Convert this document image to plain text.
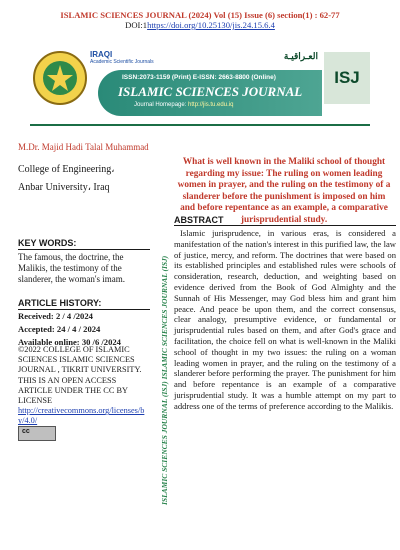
ISLAMIC SCIENCES JOURNAL (2024) Vol (15) Issue (6) section(1) : 62-77
DOI:1https://doi.org/10.25130/jis.24.15.6.4
IRAQI
Academic Scientific Journals
العـراقيـة
ISSN:2073-1159 (Print) E-ISSN: 2663-8800 (Online)
ISLAMIC SCIENCES JOURNAL
Journal Homepage: http://jis.tu.edu.iq
ISJ
M.Dr. Majid Hadi Talal Muhammad
College of Engineering،
Anbar University، Iraq
KEY WORDS:

The famous, the doctrine, the Malikis, the testimony of the slanderer, the woman's imam.

ARTICLE HISTORY:
Received: 2 / 4 /2024
Accepted: 24 / 4 / 2024
Available online: 30 /6 /2024
©2022 COLLEGE OF ISLAMIC SCIENCES ISLAMIC SCIENCES JOURNAL , TIKRIT UNIVERSITY. THIS IS AN OPEN ACCESS ARTICLE UNDER THE CC BY LICENSE
http://creativecommons.org/licenses/by/4.0/
cc	ISLAMIC SCIENCES JOURNAL (ISJ) ISLAMIC SCIENCES JOURNAL (ISJ)
What is well known in the Maliki school of thought regarding my issue: The ruling on women leading women in prayer, and the ruling on the testimony of a slanderer before the punishment is imposed on him and before repentance as an example, a comparative jurisprudential study.
ABSTRACT

Islamic jurisprudence, in various eras, is considered a manifestation of the nation's interest in this purified law, the law of justice, mercy, and reform. The doctrines that were based on its established principles and established rules were schools of consideration, research, deduction, and weighting based on evidence derived from the Book of God Almighty and the Sunnah of His Messenger, may God bless him and grant him peace. And peace be upon them, and the correct consensus, clear analogy, presumptive evidence, or fundamental or jurisprudential rules based on them, and after God's grace and facilitation, the choice fell on what is well-known in the Maliki school of thought in my two issues: the ruling on a woman leading women in prayer, and the ruling on the testimony of a slanderer before performing the prayer. The punishment for him and before repentance is an example of a comparative jurisprudential study. It was a humble attempt on my part to address one of the terms of preference according to the Malikis.
